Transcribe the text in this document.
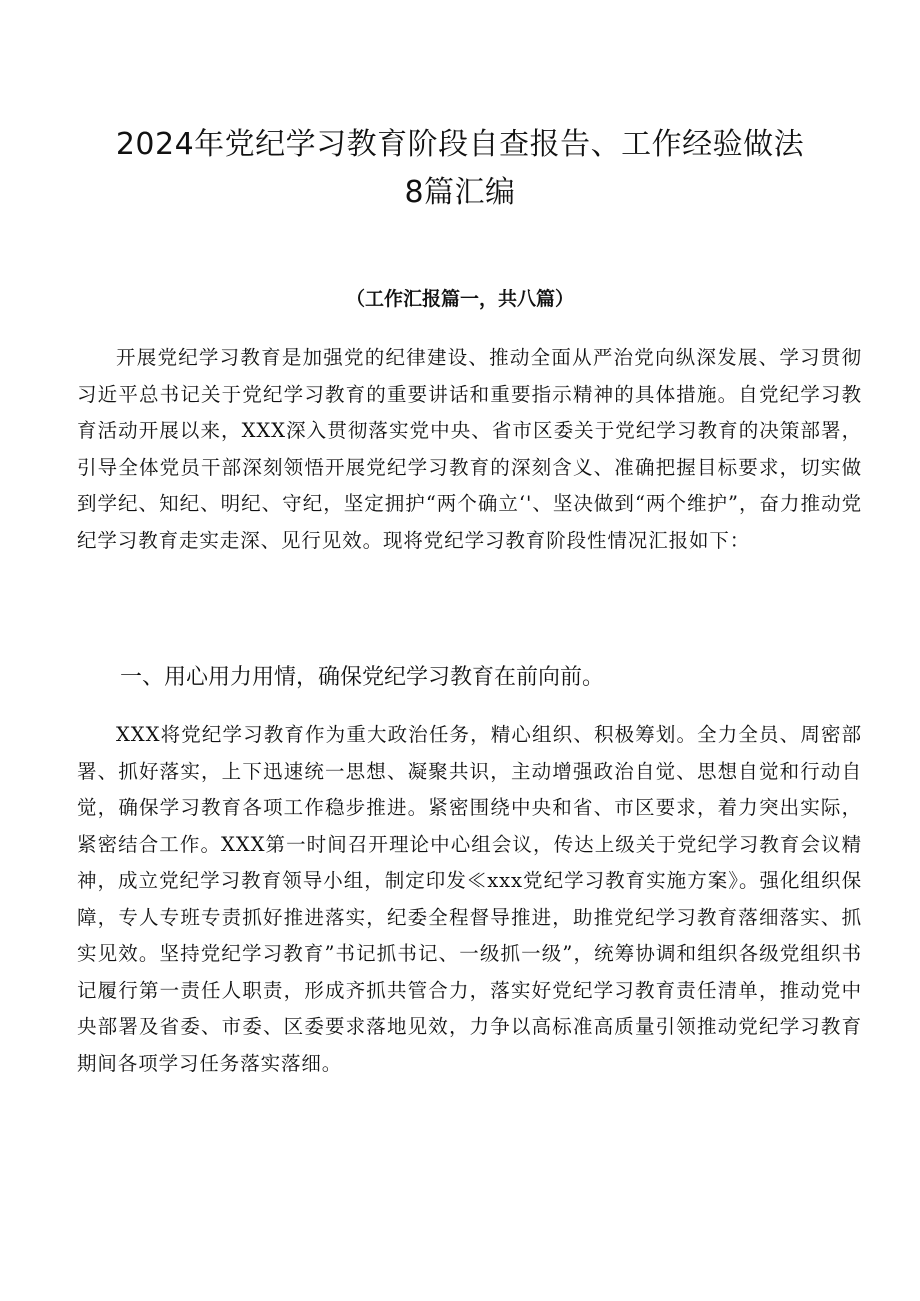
2024年党纪学习教育阶段自查报告、工作经验做法
8篇汇编
（工作汇报篇一，共八篇）

开展党纪学习教育是加强党的纪律建设、推动全面从严治党向纵深发展、学习贯彻习近平总书记关于党纪学习教育的重要讲话和重要指示精神的具体措施。自党纪学习教育活动开展以来，XXX深入贯彻落实党中央、省市区委关于党纪学习教育的决策部署，引导全体党员干部深刻领悟开展党纪学习教育的深刻含义、准确把握目标要求，切实做到学纪、知纪、明纪、守纪，坚定拥护“两个确立‘'、坚决做到“两个维护”，奋力推动党纪学习教育走实走深、见行见效。现将党纪学习教育阶段性情况汇报如下：

一、用心用力用情，确保党纪学习教育在前向前。

XXX将党纪学习教育作为重大政治任务，精心组织、积极筹划。全力全员、周密部署、抓好落实，上下迅速统一思想、凝聚共识，主动增强政治自觉、思想自觉和行动自觉，确保学习教育各项工作稳步推进。紧密围绕中央和省、市区要求，着力突出实际，紧密结合工作。XXX第一时间召开理论中心组会议，传达上级关于党纪学习教育会议精神，成立党纪学习教育领导小组，制定印发≪xxx党纪学习教育实施方案》。强化组织保障，专人专班专责抓好推进落实，纪委全程督导推进，助推党纪学习教育落细落实、抓实见效。坚持党纪学习教育”书记抓书记、一级抓一级”，统筹协调和组织各级党组织书记履行第一责任人职责，形成齐抓共管合力，落实好党纪学习教育责任清单，推动党中央部署及省委、市委、区委要求落地见效，力争以高标准高质量引领推动党纪学习教育期间各项学习任务落实落细。
